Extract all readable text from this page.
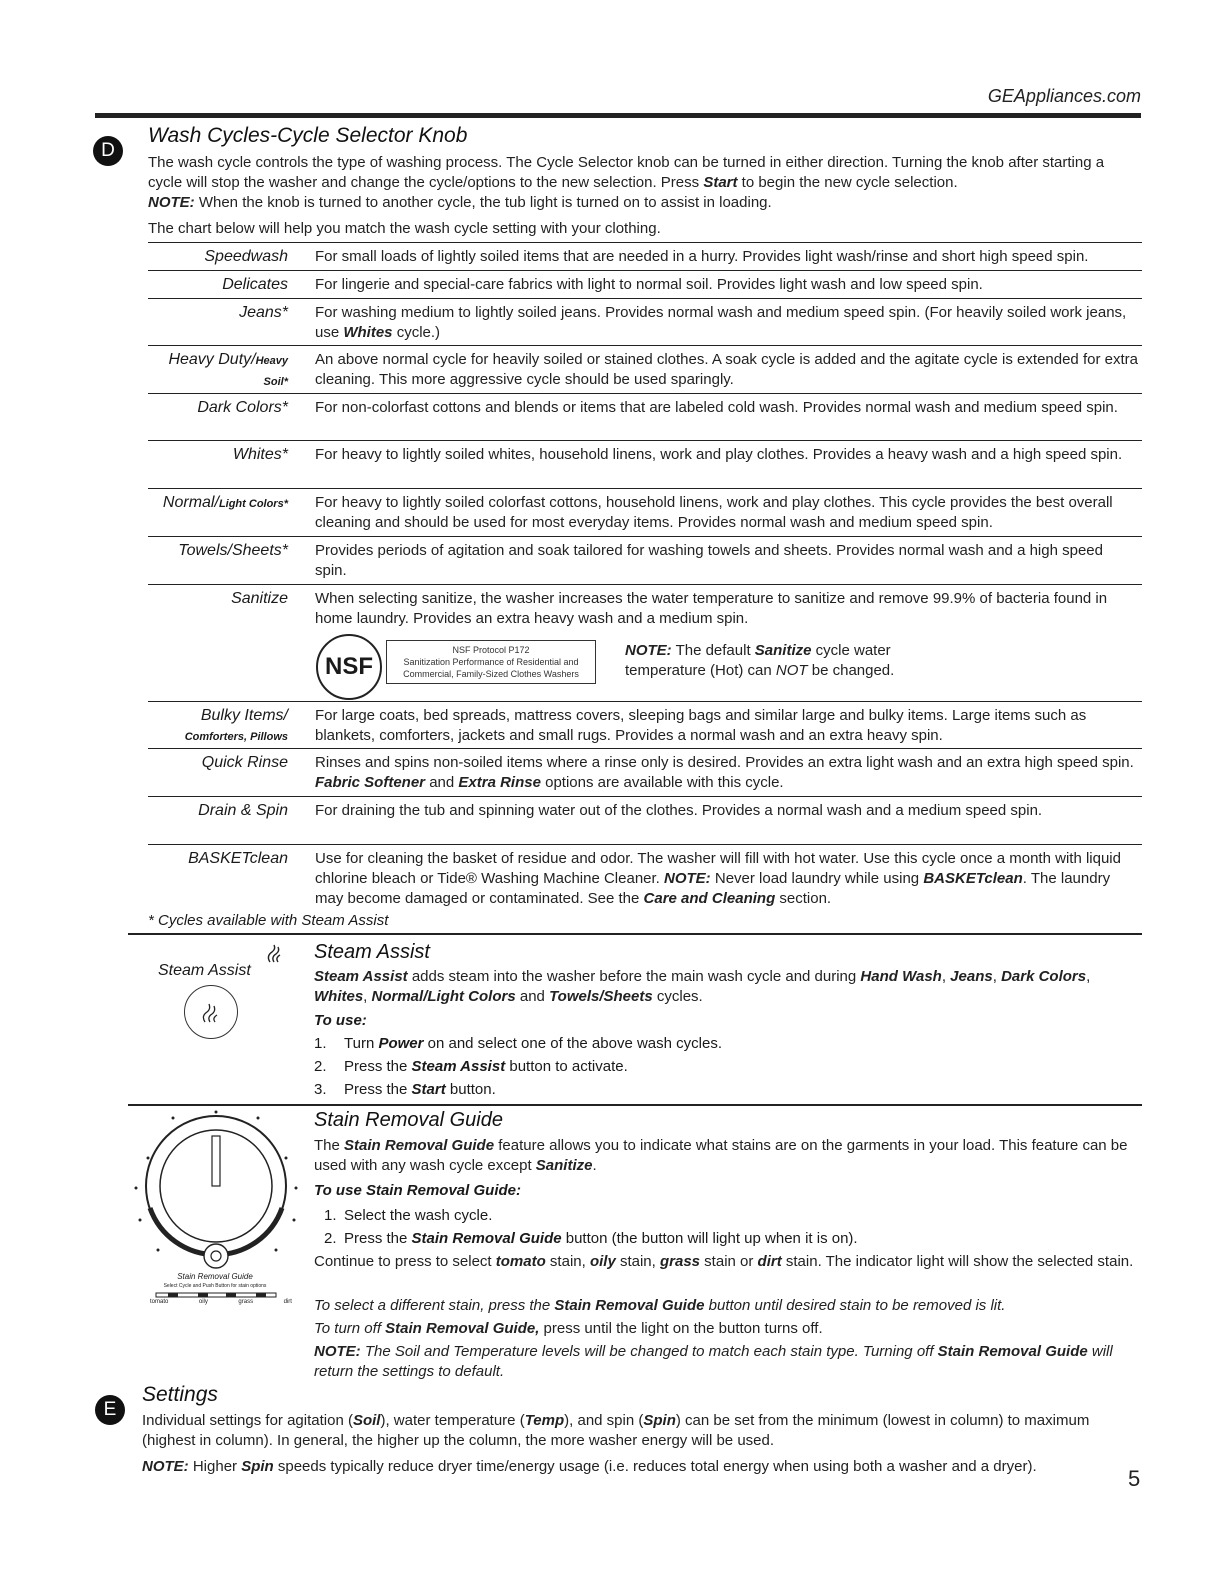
GEAppliances.com
D
Wash Cycles-Cycle Selector Knob
The wash cycle controls the type of washing process. The Cycle Selector knob can be turned in either direction. Turning the knob after starting a cycle will stop the washer and change the cycle/options to the new selection. Press Start to begin the new cycle selection.
NOTE: When the knob is turned to another cycle, the tub light is turned on to assist in loading.
The chart below will help you match the wash cycle setting with your clothing.
Speedwash For small loads of lightly soiled items that are needed in a hurry. Provides light wash/rinse and short high speed spin.
Delicates For lingerie and special-care fabrics with light to normal soil. Provides light wash and low speed spin.
Jeans* For washing medium to lightly soiled jeans. Provides normal wash and medium speed spin. (For heavily soiled work jeans, use Whites cycle.)
Heavy Duty/Heavy Soil*
An above normal cycle for heavily soiled or stained clothes. A soak cycle is added and the agitate cycle is extended for extra cleaning. This more aggressive cycle should be used sparingly.
Dark Colors* For non-colorfast cottons and blends or items that are labeled cold wash. Provides normal wash and medium speed spin.
Whites* For heavy to lightly soiled whites, household linens, work and play clothes. Provides a heavy wash and a high speed spin.
Normal/Light Colors* For heavy to lightly soiled colorfast cottons, household linens, work and play clothes. This cycle provides the best overall cleaning and should be used for most everyday items. Provides normal wash and medium speed spin.
Towels/Sheets* Provides periods of agitation and soak tailored for washing towels and sheets. Provides normal wash and a high speed spin.
Sanitize When selecting sanitize, the washer increases the water temperature to sanitize and remove 99.9% of bacteria found in home laundry. Provides an extra heavy wash and a medium spin.
NSF
NSF Protocol P172
Sanitization Performance of Residential and
Commercial, Family-Sized Clothes Washers
NOTE: The default Sanitize cycle water temperature (Hot) can NOT be changed.
Bulky Items/
Comforters, Pillows
For large coats, bed spreads, mattress covers, sleeping bags and similar large and bulky items. Large items such as blankets, comforters, jackets and small rugs. Provides a normal wash and an extra heavy spin.
Quick Rinse Rinses and spins non-soiled items where a rinse only is desired. Provides an extra light wash and an extra high speed spin. Fabric Softener and Extra Rinse options are available with this cycle.
Drain & Spin For draining the tub and spinning water out of the clothes. Provides a normal wash and a medium speed spin.
BASKETclean Use for cleaning the basket of residue and odor. The washer will fill with hot water. Use this cycle once a month with liquid chlorine bleach or Tide® Washing Machine Cleaner. NOTE: Never load laundry while using BASKETclean. The laundry may become damaged or contaminated. See the Care and Cleaning section.
* Cycles available with Steam Assist
Steam Assist
Steam Assist
Steam Assist adds steam into the washer before the main wash cycle and during Hand Wash, Jeans, Dark Colors, Whites, Normal/Light Colors and Towels/Sheets cycles.
To use:
1. Turn Power on and select one of the above wash cycles.
2. Press the Steam Assist button to activate.
3. Press the Start button.
Stain Removal Guide
Select Cycle and Push Button for stain options
tomato	oily	grass	dirt
Stain Removal Guide
The Stain Removal Guide feature allows you to indicate what stains are on the garments in your load. This feature can be used with any wash cycle except Sanitize.
To use Stain Removal Guide:
1. Select the wash cycle.
2. Press the Stain Removal Guide button (the button will light up when it is on).
Continue to press to select tomato stain, oily stain, grass stain or dirt stain. The indicator light will show the selected stain.
To select a different stain, press the Stain Removal Guide button until desired stain to be removed is lit.
To turn off Stain Removal Guide, press until the light on the button turns off.
NOTE: The Soil and Temperature levels will be changed to match each stain type. Turning off Stain Removal Guide will return the settings to default.
E
Settings
Individual settings for agitation (Soil), water temperature (Temp), and spin (Spin) can be set from the minimum (lowest in column) to maximum (highest in column). In general, the higher up the column, the more washer energy will be used.
NOTE: Higher Spin speeds typically reduce dryer time/energy usage (i.e. reduces total energy when using both a washer and a dryer).	5
